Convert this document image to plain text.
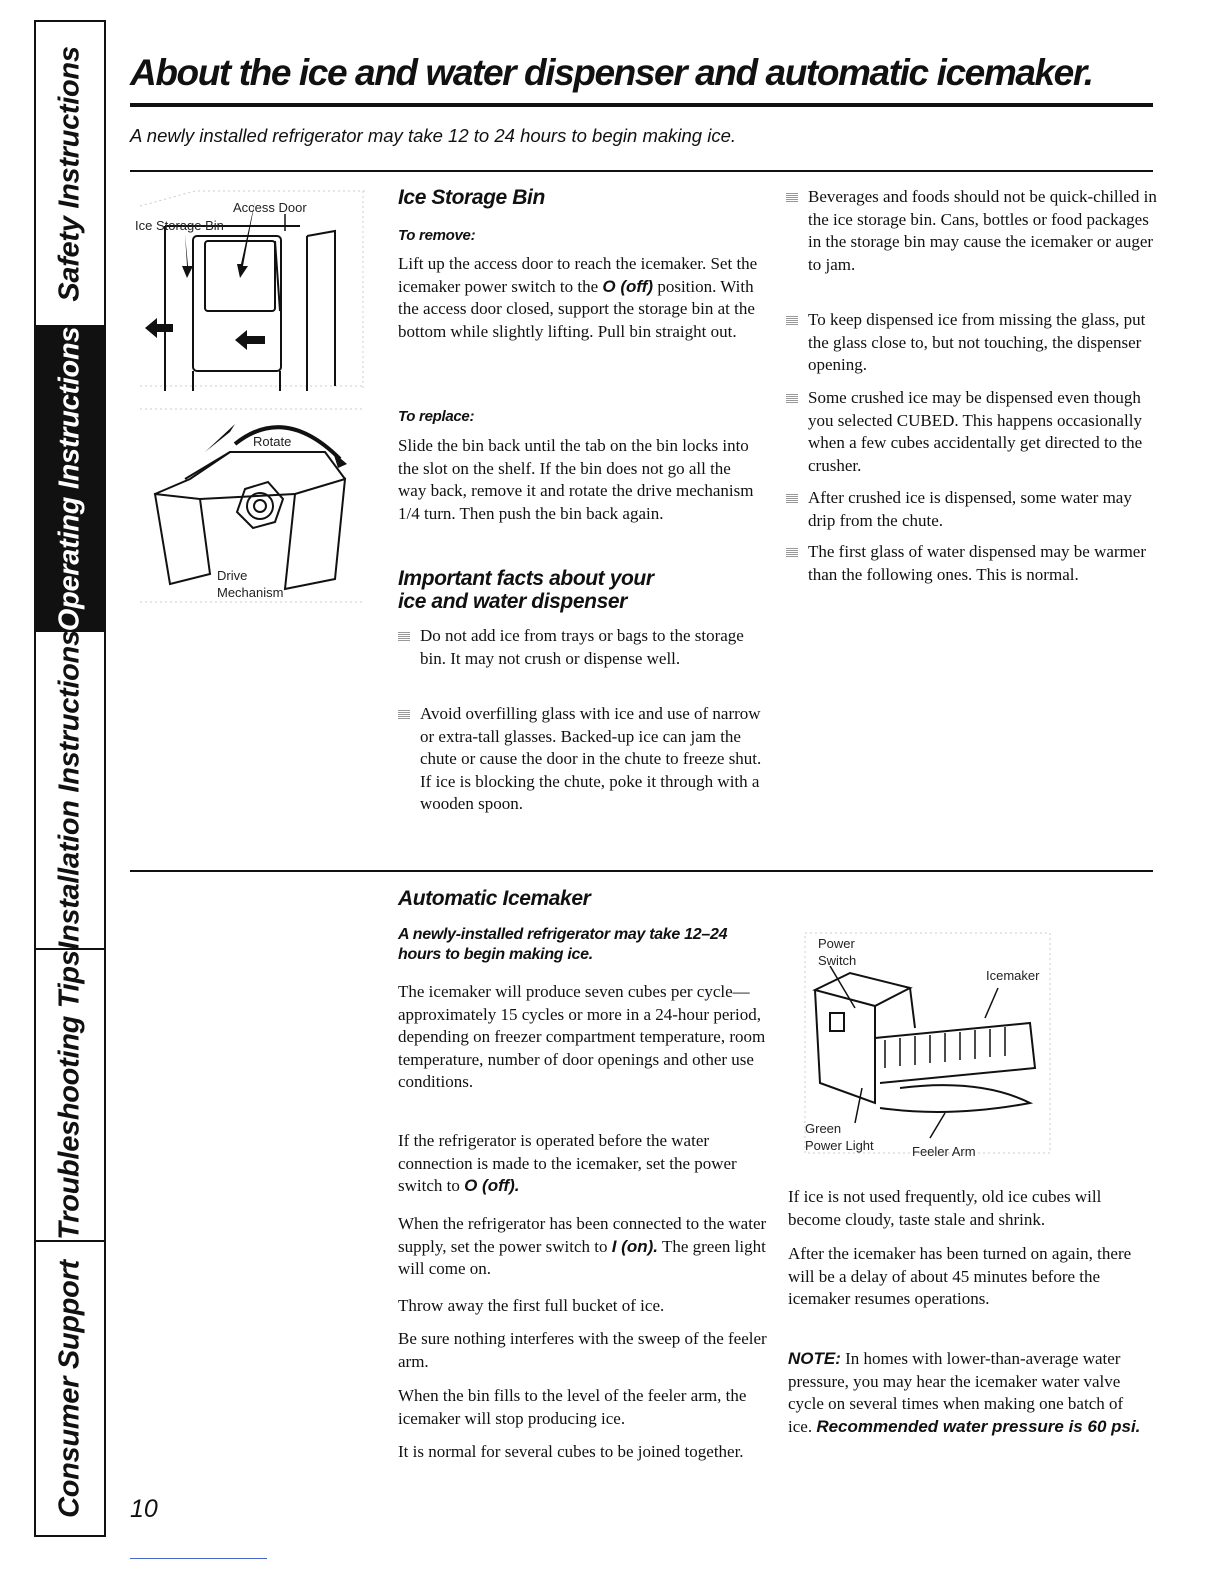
Safety Instructions
Operating Instructions
Installation Instructions
Troubleshooting Tips
Consumer Support
About the ice and water dispenser and automatic icemaker.

A newly installed refrigerator may take 12 to 24 hours to begin making ice.

Access Door
Ice Storage Bin
Rotate
Drive
Mechanism
Ice Storage Bin
To remove:

Lift up the access door to reach the icemaker. Set the icemaker power switch to the O (off) position. With the access door closed, support the storage bin at the bottom while slightly lifting. Pull bin straight out.

To replace:

Slide the bin back until the tab on the bin locks into the slot on the shelf. If the bin does not go all the way back, remove it and rotate the drive mechanism 1/4 turn. Then push the bin back again.

Important facts about your
ice and water dispenser
Do not add ice from trays or bags to the storage bin. It may not crush or dispense well.
Avoid overfilling glass with ice and use of narrow or extra-tall glasses. Backed-up ice can jam the chute or cause the door in the chute to freeze shut. If ice is blocking the chute, poke it through with a wooden spoon.
Beverages and foods should not be quick-chilled in the ice storage bin. Cans, bottles or food packages in the storage bin may cause the icemaker or auger to jam.
To keep dispensed ice from missing the glass, put the glass close to, but not touching, the dispenser opening.
Some crushed ice may be dispensed even though you selected CUBED. This happens occasionally when a few cubes accidentally get directed to the crusher.
After crushed ice is dispensed, some water may drip from the chute.
The first glass of water dispensed may be warmer than the following ones. This is normal.
Automatic Icemaker
A newly-installed refrigerator may take 12–24
hours to begin making ice.

The icemaker will produce seven cubes per cycle—approximately 15 cycles or more in a 24-hour period, depending on freezer compartment temperature, room temperature, number of door openings and other use conditions.

If the refrigerator is operated before the water connection is made to the icemaker, set the power switch to O (off).

When the refrigerator has been connected to the water supply, set the power switch to I (on). The green light will come on.

Throw away the first full bucket of ice.

Be sure nothing interferes with the sweep of the feeler arm.

When the bin fills to the level of the feeler arm, the icemaker will stop producing ice.

It is normal for several cubes to be joined together.

Power
Switch
Icemaker
Green
Power Light	Feeler Arm

If ice is not used frequently, old ice cubes will become cloudy, taste stale and shrink.

After the icemaker has been turned on again, there will be a delay of about 45 minutes before the icemaker resumes operations.

NOTE: In homes with lower-than-average water pressure, you may hear the icemaker water valve cycle on several times when making one batch of ice. Recommended water pressure is 60 psi.

10
